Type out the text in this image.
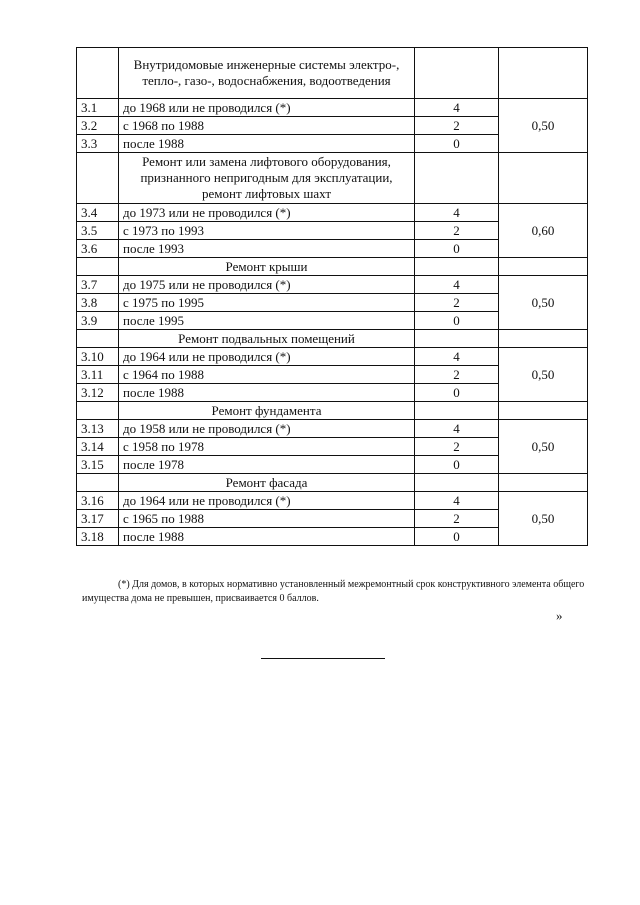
	Внутридомовые инженерные системы электро-, тепло-, газо-, водоснабжения, водоотведения		
3.1	до 1968 или не проводился (*)	4	0,50
3.2	с 1968 по 1988	2	
3.3	после 1988	0	
	Ремонт или замена лифтового оборудования, признанного непригодным для эксплуатации, ремонт лифтовых шахт		
3.4	до 1973 или не проводился (*)	4	0,60
3.5	с 1973 по 1993	2	
3.6	после 1993	0	
	Ремонт крыши		
3.7	до 1975 или не проводился (*)	4	0,50
3.8	с 1975 по 1995	2	
3.9	после 1995	0	
	Ремонт подвальных помещений		
3.10	до 1964 или не проводился (*)	4	0,50
3.11	с 1964 по 1988	2	
3.12	после 1988	0	
	Ремонт фундамента		
3.13	до 1958 или не проводился (*)	4	0,50
3.14	с 1958 по 1978	2	
3.15	после 1978	0	
	Ремонт фасада		
3.16	до 1964 или не проводился (*)	4	0,50
3.17	с 1965 по 1988	2	
3.18	после 1988	0	
(*) Для домов, в которых нормативно установленный межремонтный срок конструктивного элемента общего имущества дома не превышен, присваивается 0 баллов.
»
